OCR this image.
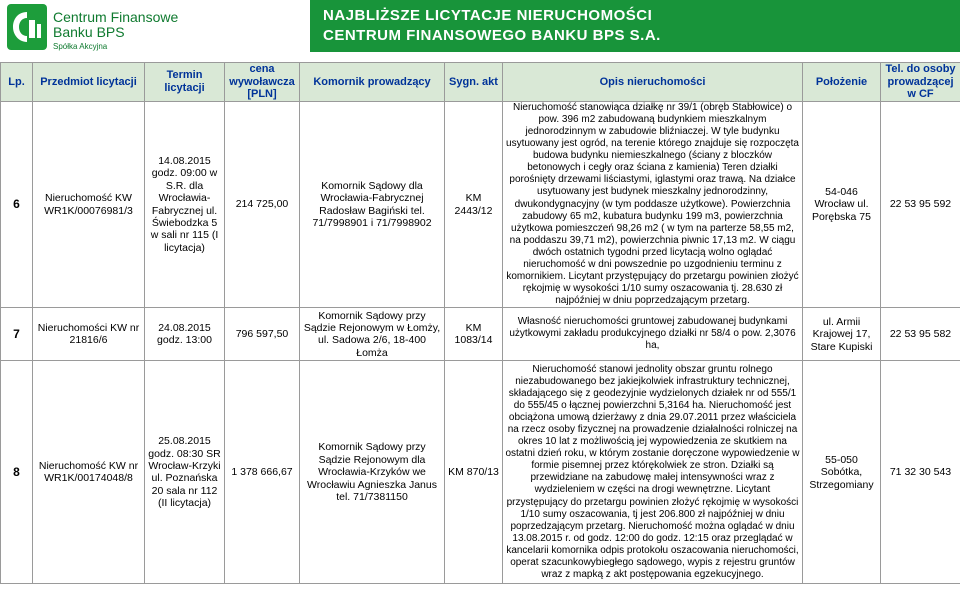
Centrum Finansowe
Banku BPS
Spółka Akcyjna
NAJBLIŻSZE LICYTACJE NIERUCHOMOŚCI
CENTRUM FINANSOWEGO BANKU BPS S.A.
Lp.	Przedmiot licytacji	Termin licytacji	cena wywoławcza [PLN]	Komornik prowadzący	Sygn. akt	Opis nieruchomości	Położenie	Tel. do osoby prowadzącej w CF
6	Nieruchomość KW WR1K/00076981/3	14.08.2015 godz. 09:00 w S.R. dla Wrocławia-Fabrycznej ul. Świebodzka 5 w sali nr 115 (I licytacja)	214 725,00	Komornik Sądowy dla Wrocławia-Fabrycznej Radosław Bagiński tel. 71/7998901 i 71/7998902	KM 2443/12	Nieruchomość stanowiąca działkę nr 39/1 (obręb Stabłowice) o pow. 396 m2 zabudowaną budynkiem mieszkalnym jednorodzinnym w zabudowie bliźniaczej. W tyle budynku usytuowany jest ogród, na terenie którego znajduje się rozpoczęta budowa budynku niemieszkalnego (ściany z bloczków betonowych i cegły oraz ściana z kamienia) Teren działki porośnięty drzewami liściastymi, iglastymi oraz trawą. Na działce usytuowany jest budynek mieszkalny jednorodzinny, dwukondygnacyjny (w tym poddasze użytkowe). Powierzchnia zabudowy 65 m2, kubatura budynku 199 m3, powierzchnia użytkowa pomieszczeń 98,26 m2 ( w tym na parterze 58,55 m2, na poddaszu 39,71 m2), powierzchnia piwnic 17,13 m2. W ciągu dwóch ostatnich tygodni przed licytacją wolno oglądać nieruchomość w dni powszednie po uzgodnieniu terminu z komornikiem. Licytant przystępujący do przetargu powinien złożyć rękojmię w wysokości 1/10 sumy oszacowania tj. 28.630 zł najpóźniej w dniu poprzedzającym przetarg.	54-046 Wrocław ul. Porębska 75	22 53 95 592
7	Nieruchomości KW nr 21816/6	24.08.2015 godz. 13:00	796 597,50	Komornik Sądowy przy Sądzie Rejonowym w Łomży, ul. Sadowa 2/6, 18-400 Łomża	KM 1083/14	Własność nieruchomości gruntowej zabudowanej budynkami użytkowymi zakładu produkcyjnego działki nr 58/4 o pow. 2,3076 ha,	ul. Armii Krajowej 17, Stare Kupiski	22 53 95 582
8	Nieruchomość KW nr WR1K/00174048/8	25.08.2015 godz. 08:30 SR Wrocław-Krzyki ul. Poznańska 20 sala nr 112 (II licytacja)	1 378 666,67	Komornik Sądowy przy Sądzie Rejonowym dla Wrocławia-Krzyków we Wrocławiu Agnieszka Janus tel. 71/7381150	KM 870/13	Nieruchomość stanowi jednolity obszar gruntu rolnego niezabudowanego bez jakiejkolwiek infrastruktury technicznej, składającego się z geodezyjnie wydzielonych działek nr od 555/1 do 555/45 o łącznej powierzchni 5,3164 ha. Nieruchomość jest obciążona umową dzierżawy z dnia 29.07.2011 przez właściciela na rzecz osoby fizycznej na prowadzenie działalności rolniczej na okres 10 lat z możliwością jej wypowiedzenia ze skutkiem na ostatni dzień roku, w którym zostanie doręczone wypowiedzenie w formie pisemnej przez którękolwiek ze stron. Działki są przewidziane na zabudowę małej intensywności wraz z wydzieleniem w części na drogi wewnętrzne. Licytant przystępujący do przetargu powinien złożyć rękojmię w wysokości 1/10 sumy oszacowania, tj jest 206.800 zł najpóźniej w dniu poprzedzającym przetarg. Nieruchomość można oglądać w dniu 13.08.2015 r. od godz. 12:00 do godz. 12:15 oraz przeglądać w kancelarii komornika odpis protokołu oszacowania nieruchomości, operat szacunkowybiegłego sądowego, wypis z rejestru gruntów wraz z mapką z akt postępowania egzekucyjnego.	55-050 Sobótka, Strzegomiany	71 32 30 543
